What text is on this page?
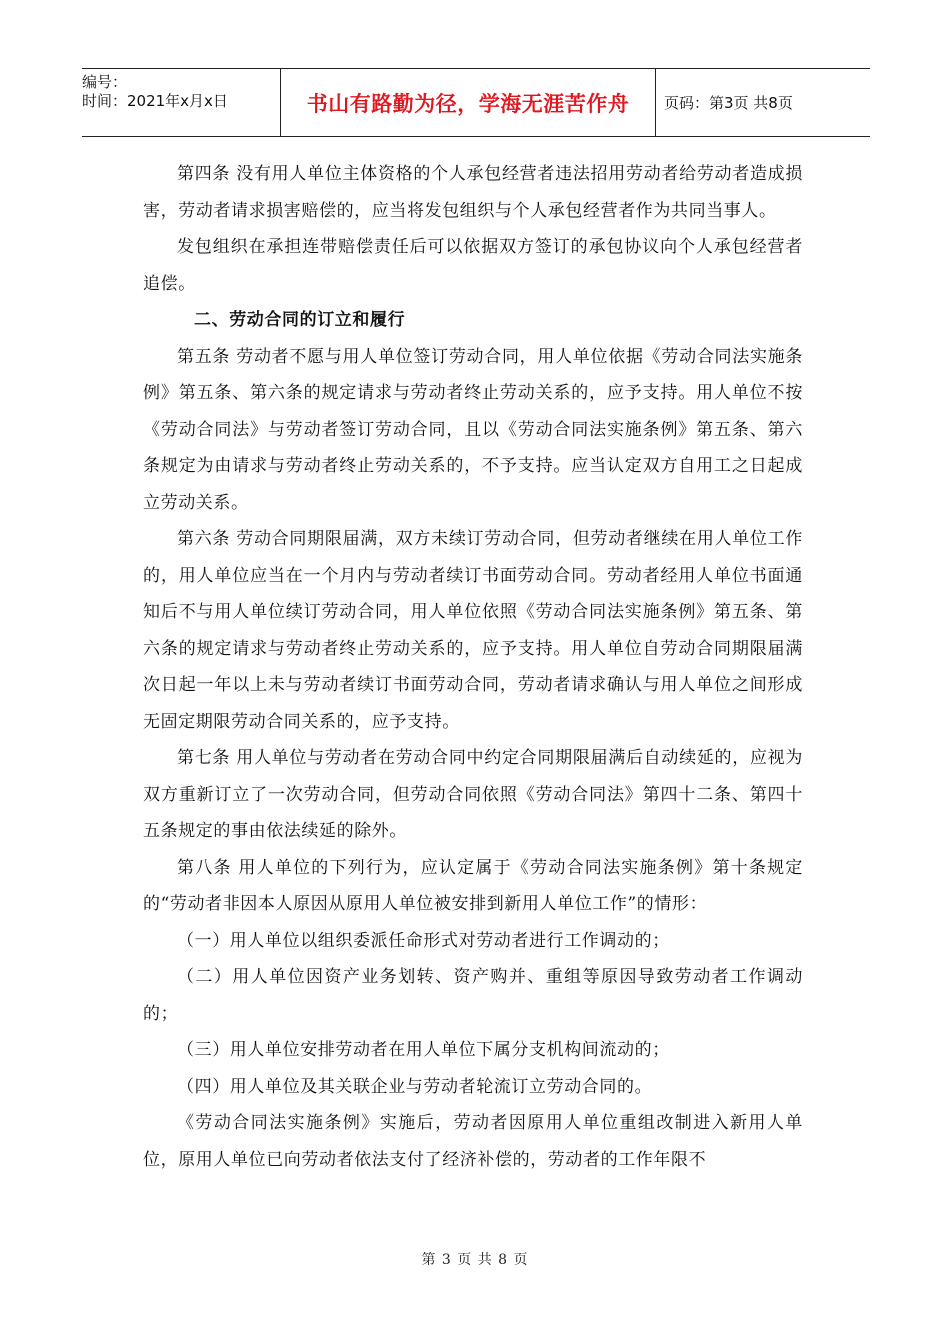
编号：
时间：2021年x月x日	书山有路勤为径，学海无涯苦作舟	页码：第3页 共8页

第四条 没有用人单位主体资格的个人承包经营者违法招用劳动者给劳动者造成损害，劳动者请求损害赔偿的，应当将发包组织与个人承包经营者作为共同当事人。

发包组织在承担连带赔偿责任后可以依据双方签订的承包协议向个人承包经营者追偿。

二、劳动合同的订立和履行

第五条 劳动者不愿与用人单位签订劳动合同，用人单位依据《劳动合同法实施条例》第五条、第六条的规定请求与劳动者终止劳动关系的，应予支持。用人单位不按《劳动合同法》与劳动者签订劳动合同，且以《劳动合同法实施条例》第五条、第六条规定为由请求与劳动者终止劳动关系的，不予支持。应当认定双方自用工之日起成立劳动关系。

第六条 劳动合同期限届满，双方未续订劳动合同，但劳动者继续在用人单位工作的，用人单位应当在一个月内与劳动者续订书面劳动合同。劳动者经用人单位书面通知后不与用人单位续订劳动合同，用人单位依照《劳动合同法实施条例》第五条、第六条的规定请求与劳动者终止劳动关系的，应予支持。用人单位自劳动合同期限届满次日起一年以上未与劳动者续订书面劳动合同，劳动者请求确认与用人单位之间形成无固定期限劳动合同关系的，应予支持。

第七条 用人单位与劳动者在劳动合同中约定合同期限届满后自动续延的，应视为双方重新订立了一次劳动合同，但劳动合同依照《劳动合同法》第四十二条、第四十五条规定的事由依法续延的除外。

第八条 用人单位的下列行为，应认定属于《劳动合同法实施条例》第十条规定的“劳动者非因本人原因从原用人单位被安排到新用人单位工作”的情形：

（一）用人单位以组织委派任命形式对劳动者进行工作调动的；

（二）用人单位因资产业务划转、资产购并、重组等原因导致劳动者工作调动的；

（三）用人单位安排劳动者在用人单位下属分支机构间流动的；

（四）用人单位及其关联企业与劳动者轮流订立劳动合同的。

《劳动合同法实施条例》实施后，劳动者因原用人单位重组改制进入新用人单位，原用人单位已向劳动者依法支付了经济补偿的，劳动者的工作年限不

第 3 页 共 8 页
